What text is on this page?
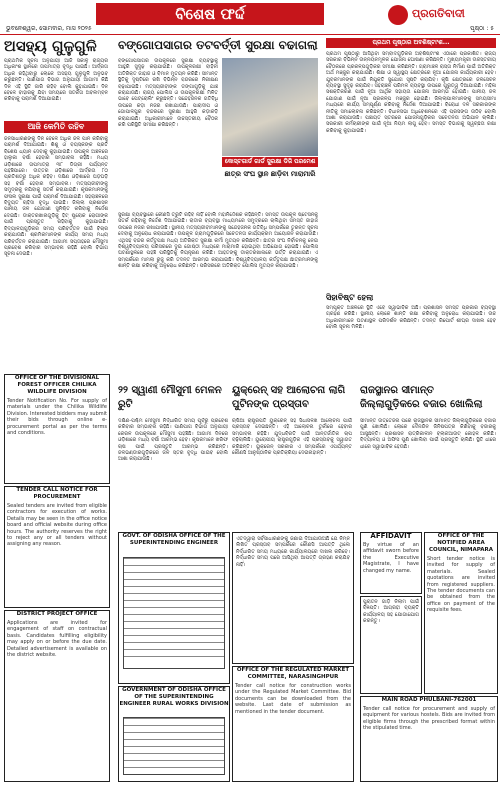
ବିଶେଷ ଫର୍ଦ୍ଦ	ପ୍ରଗତିବାଦୀ
ଭୁବନେଶ୍ୱର, ସୋମବାର, ମାସ ୨୦୨୫	ପୃଷ୍ଠା : ୫
ଅସହ୍ୟ ଗୁଳୁଗୁଳି	ବଙ୍ଗୋପସାଗର ତଟବର୍ତ୍ତୀ ସୁରକ୍ଷା ବଢାଗଲା
ପ୍ରାଥମିକ ସୂଚନା ଅନୁଯାୟୀ ଆଜି ସକାଳୁ ରାଜ୍ୟର ଅଧିକାଂଶ ସ୍ଥାନରେ ତାପମାତ୍ରା ବୃଦ୍ଧି ପାଇଛି। ଆର୍ଦ୍ରତା ଅଧିକ ରହିଥିବାରୁ ଲୋକେ ଅସହ୍ୟ ଗୁଳୁଗୁଳି ଅନୁଭବ କରୁଛନ୍ତି। ପାଣିପାଗ ବିଭାଗ ଅନୁଯାୟୀ ଆଗାମୀ କିଛି ଦିନ ଏହି ସ୍ଥିତି ଜାରି ରହିବ ବୋଲି କୁହାଯାଇଛି। ଦିନ ବେଳେ ବାହାରକୁ ଯିବା ସମୟରେ ସତର୍କତା ଅବଲମ୍ବନ କରିବାକୁ ପରାମର୍ଶ ଦିଆଯାଇଛି।
ଆଜି କେମିତି ରହିବ
ଜନସାଧାରଣଙ୍କୁ ଦିନ ବେଳେ ଅଧିକ ଜଳ ପାନ କରିବାକୁ ପରାମର୍ଶ ଦିଆଯାଇଛି। ଶିଶୁ ଓ ବୟସ୍କଙ୍କ ପ୍ରତି ବିଶେଷ ଧ୍ୟାନ ଦେବାକୁ କୁହାଯାଇଛି। ଉପକୂଳ ଅଞ୍ଚଳରେ ହାଲୁକା ବର୍ଷା ହେବାର ସମ୍ଭାବନା ରହିଛି। ମଧ୍ୟ ଓଡ଼ିଶାରେ ତାପମାତ୍ରା ୩୮ ଡିଗ୍ରୀ ପର୍ଯ୍ୟନ୍ତ ପହଞ୍ଚିପାରେ। ଉତ୍ତର ଓଡ଼ିଶାରେ ଆର୍ଦ୍ରତା ୮୦ ପ୍ରତିଶତରୁ ଅଧିକ ରହିବ। ଦକ୍ଷିଣ ଓଡ଼ିଶାରେ ଘଡ଼ଘଡ଼ି ସହ ବର୍ଷା ହେବାର ସମ୍ଭାବନା। ମତ୍ସ୍ୟଜୀବୀଙ୍କୁ ସମୁଦ୍ରକୁ ନଯିବାକୁ ସତର୍କ କରାଯାଇଛି। କୃଷକମାନଙ୍କୁ ଫସଲ ସୁରକ୍ଷା ପାଇଁ ପରାମର୍ଶ ଦିଆଯାଇଛି। ସହରାଞ୍ଚଳରେ ବିଦ୍ୟୁତ ଚାହିଦା ବୃଦ୍ଧି ପାଇଛି। ଜିଲ୍ଲା ପ୍ରଶାସନ ପାନୀୟ ଜଳ ଯୋଗାଣ ସୁନିଶ୍ଚିତ କରିବାକୁ ନିର୍ଦ୍ଦେଶ ଦେଇଛି। ଡାକ୍ତରଖାନାଗୁଡ଼ିକୁ ହିଟ୍ ଷ୍ଟ୍ରୋକ ରୋଗୀଙ୍କ ପାଇଁ ପ୍ରସ୍ତୁତ ରହିବାକୁ କୁହାଯାଇଛି। ବିଦ୍ୟାଳୟଗୁଡ଼ିକର ସମୟ ପରିବର୍ତ୍ତନ ପାଇଁ ବିଚାର କରାଯାଉଛି। ଶ୍ରମିକମାନଙ୍କ କାର୍ଯ୍ୟ ସମୟ ମଧ୍ୟ ପରିବର୍ତ୍ତନ କରାଯାଇଛି। ଆଗାମୀ ସପ୍ତାହରେ ମୌସୁମୀ ପ୍ରବେଶ କରିବାର ସମ୍ଭାବନା ରହିଛି ବୋଲି ବିଭାଗ ସୂଚନା ଦେଇଛି।
ବଙ୍ଗୋପସାଗର ଉପକୂଳରେ ସୁରକ୍ଷା ବ୍ୟବସ୍ଥାକୁ ଆହୁରି ସୁଦୃଢ଼ କରାଯାଇଛି। ଉପକୂଳରକ୍ଷୀ ବାହିନୀ ଅତିରିକ୍ତ ଜାହାଜ ଓ ବିମାନ ମୁତୟନ କରିଛି। ସୀମାନ୍ତ ସ୍ଥିତିକୁ ଦୃଷ୍ଟିରେ ରଖି ବିଭିନ୍ନ ବନ୍ଦରରେ ନିରୀକ୍ଷଣ ବଢ଼ାଯାଇଛି। ମତ୍ସ୍ୟଜୀବୀଙ୍କ ଡଙ୍ଗାଗୁଡ଼ିକୁ ଯାଞ୍ଚ କରାଯାଉଛି। ରାଜ୍ୟ ପୋଲିସ ଓ ଉପକୂଳରକ୍ଷୀ ମିଳିତ ଭାବେ ପେଟ୍ରୋଲିଂ କରୁଛନ୍ତି। ସନ୍ଦେହଜନକ ଗତିବିଧି ଉପରେ କଡ଼ା ନଜର ରଖାଯାଉଛି। ପାରାଦୀପ ଓ ଗୋପାଳପୁର ବନ୍ଦରରେ ସୁରକ୍ଷା ଆହୁରି କଡ଼ାକଡ଼ି କରାଯାଇଛି। ଅଧିକାରୀମାନେ ଉଚ୍ଚସ୍ତରୀୟ ବୈଠକ କରି ପରିସ୍ଥିତି ସମୀକ୍ଷା କରିଛନ୍ତି।
କୋସ୍ଟଗାର୍ଡ ଗାର୍ଡ ସୁରକ୍ଷା ଡିଜି ପରମେଶ
ଛାତ୍ର ସଂଘ ସ୍ଥାନ ଛାଡ଼ିବା ମାରାମାରି
ସୁରକ୍ଷା ବ୍ୟବସ୍ଥାରେ କୌଣସି ତ୍ରୁଟି ରହିବ ନାହିଁ ବୋଲି ମହାନିର୍ଦ୍ଦେଶକ କହିଛନ୍ତି। ସମସ୍ତ ଉପକୂଳ ଷ୍ଟେସନକୁ ସତର୍କ ରହିବାକୁ ନିର୍ଦ୍ଦେଶ ଦିଆଯାଇଛି। ରାଡାର ବ୍ୟବସ୍ଥା ମାଧ୍ୟମରେ ସମୁଦ୍ରରେ ଚାଲିଥିବା ସମସ୍ତ ଜାହାଜ ଉପରେ ନଜର ରଖାଯାଉଛି। ସ୍ଥାନୀୟ ମତ୍ସ୍ୟଜୀବୀମାନଙ୍କୁ ସନ୍ଦେହଜନକ ଗତିବିଧି ସମ୍ପର୍କରେ ତୁରନ୍ତ ସୂଚନା ଦେବାକୁ ଅନୁରୋଧ କରାଯାଇଛି। ଉପକୂଳ ଗ୍ରାମଗୁଡ଼ିକରେ ସଚେତନତା କାର୍ଯ୍ୟକ୍ରମ ଆୟୋଜନ କରାଯାଉଛି। ଏଥିସହ ବନ୍ଦର କର୍ତ୍ତୃପକ୍ଷ ମଧ୍ୟ ଅତିରିକ୍ତ ସୁରକ୍ଷା କର୍ମୀ ମୁତୟନ କରିଛନ୍ତି। ଛାତ୍ର ସଂଘ ନିର୍ବାଚନକୁ ନେଇ ବିଶ୍ୱବିଦ୍ୟାଳୟ ପରିସରରେ ଦୁଇ ଗୋଷ୍ଠୀ ମଧ୍ୟରେ ମାରାମାରି ହୋଇଥିବା ଅଭିଯୋଗ ହୋଇଛି। ପୋଲିସ ଘଟଣାସ୍ଥଳରେ ପହଞ୍ଚି ପରିସ୍ଥିତିକୁ ନିୟନ୍ତ୍ରଣ କରିଛି। ଆହତଙ୍କୁ ଡାକ୍ତରଖାନାରେ ଭର୍ତ୍ତି କରାଯାଇଛି। ଏ ସମ୍ପର୍କରେ ମାମଲା ରୁଜୁ କରି ତଦନ୍ତ ଆରମ୍ଭ କରାଯାଇଛି। ବିଶ୍ୱବିଦ୍ୟାଳୟ କର୍ତ୍ତୃପକ୍ଷ ଛାତ୍ରମାନଙ୍କୁ ଶାନ୍ତି ରକ୍ଷା କରିବାକୁ ଅନୁରୋଧ କରିଛନ୍ତି। ପରିସରରେ ଅତିରିକ୍ତ ପୋଲିସ ମୁତୟନ କରାଯାଇଛି।
ପ୍ରଥମ ପୃଷ୍ଠାର ଅବଶିଷ୍ଟାଂଶ...
ପ୍ରଥମ ପୃଷ୍ଠାରୁ ଆସିଥିବା ସମ୍ବାଦଗୁଡ଼ିକର ଅବଶିଷ୍ଟାଂଶ ଏଠାରେ ପ୍ରକାଶିତ। ରାଜ୍ୟ ସରକାର ବିଭିନ୍ନ ଉନ୍ନୟନମୂଳକ ଯୋଜନା ଘୋଷଣା କରିଛନ୍ତି। ମୁଖ୍ୟମନ୍ତ୍ରୀ ଉଚ୍ଚସ୍ତରୀୟ ବୈଠକରେ ପ୍ରକଳ୍ପଗୁଡ଼ିକର ସମୀକ୍ଷା କରିଛନ୍ତି। ଗ୍ରାମାଞ୍ଚଳ ରାସ୍ତା ନିର୍ମାଣ ପାଇଁ ଅତିରିକ୍ତ ଅର୍ଥ ମଞ୍ଜୁର କରାଯାଇଛି। ଶିକ୍ଷା ଓ ସ୍ୱାସ୍ଥ୍ୟ କ୍ଷେତ୍ରରେ ନୂଆ ଯୋଜନା କାର୍ଯ୍ୟକାରୀ ହେବ। ଯୁବକମାନଙ୍କ ପାଇଁ ନିଯୁକ୍ତି ସୁଯୋଗ ସୃଷ୍ଟି କରାଯିବ। କୃଷି କ୍ଷେତ୍ରରେ ଜଳସେଚନ ବ୍ୟବସ୍ଥା ସୁଦୃଢ଼ କରାଯିବ। ସହରାଞ୍ଚଳ ପରିମଳ ବ୍ୟବସ୍ଥା ଉପରେ ଗୁରୁତ୍ୱ ଦିଆଯାଇଛି। ମହିଳା ସଶକ୍ତିକରଣ ପାଇଁ ନୂଆ ଆର୍ଥିକ ସହାୟତା ଯୋଜନା ଆରମ୍ଭ ହୋଇଛି। ପାନୀୟ ଜଳ ଯୋଗାଣ ପାଇଁ ନୂଆ ପ୍ରକଳ୍ପ ମଞ୍ଜୁର ହୋଇଛି। ଜିଲ୍ଲାପାଳମାନଙ୍କୁ ସମୟସୀମା ମଧ୍ୟରେ କାର୍ଯ୍ୟ ସମ୍ପୂର୍ଣ୍ଣ କରିବାକୁ ନିର୍ଦ୍ଦେଶ ଦିଆଯାଇଛି। ବିରୋଧୀ ଦଳ ସରକାରଙ୍କ ନୀତିକୁ ସମାଲୋଚନା କରିଛନ୍ତି। ବିଧାନସଭା ଅଧିବେଶନରେ ଏହି ପ୍ରସଙ୍ଗ ଉଠିବ ବୋଲି ଆଶା କରାଯାଉଛି। ପଞ୍ଚାୟତ ସ୍ତରରେ ଯୋଜନାଗୁଡ଼ିକର ସଚେତନତା ଅଭିଯାନ ଚାଲିଛି। ସରକାରୀ କର୍ମଚାରୀଙ୍କ ପାଇଁ ନୂଆ ନିୟମ ଲାଗୁ ହେବ। ସମସ୍ତ ବିଭାଗକୁ ସ୍ୱଚ୍ଛତା ରକ୍ଷା କରିବାକୁ କୁହାଯାଇଛି।
ସିହାବିଷ୍ଟ ହେଲା
ସମ୍ପୃକ୍ତ ଅଞ୍ଚଳରେ ସ୍ଥିତି ଏବେ ସ୍ୱାଭାବିକ ଅଛି। ପ୍ରଶାସନ ସମସ୍ତ ପ୍ରକାର ବ୍ୟବସ୍ଥା ଗ୍ରହଣ କରିଛି। ସ୍ଥାନୀୟ ଲୋକେ ଶାନ୍ତି ରକ୍ଷା କରିବାକୁ ଅନୁରୋଧ କରାଯାଇଛି। ଉଚ୍ଚ ଅଧିକାରୀମାନେ ଘଟଣାସ୍ଥଳ ପରିଦର୍ଶନ କରିଛନ୍ତି। ତଦନ୍ତ ରିପୋର୍ଟ ଶୀଘ୍ର ଦାଖଲ ହେବ ବୋଲି ସୂଚନା ମିଳିଛି।
୨୨ ସ୍ୱାଣୀ ମୌସୁମୀ ମେଳନ ରୁଟି
ୟୁକ୍ରେନ୍ ସହ ଆଲୋଚନା ଲାଗି ପୁଟିନଙ୍କ ପ୍ରସ୍ତାବ
ରାଜସ୍ଥାନର ସୀମାନ୍ତ ଜିଲ୍ଲାଗୁଡ଼ିକରେ ବଜାର ଖୋଲିଲା
ଦକ୍ଷିଣ-ପଶ୍ଚିମ ମୌସୁମୀ ନିର୍ଦ୍ଧାରିତ ସମୟ ପୂର୍ବରୁ ପ୍ରବେଶ କରିବାର ସମ୍ଭାବନା ରହିଛି। ପାଣିପାଗ ବିଭାଗ ଅନୁଯାୟୀ କେରଳ ଉପକୂଳରେ ମୌସୁମୀ ପହଞ୍ଚିଛି। ଆଗାମୀ ଦିନରେ ଓଡ଼ିଶାରେ ମଧ୍ୟ ବର୍ଷା ଆରମ୍ଭ ହେବ। କୃଷକମାନେ ଖରିଫ ଚାଷ ପାଇଁ ପ୍ରସ୍ତୁତି ଆରମ୍ଭ କରିଛନ୍ତି। ଜଳଭଣ୍ଡାରଗୁଡ଼ିକରେ ଜଳ ସ୍ତର ବୃଦ୍ଧି ପାଇବ ବୋଲି ଆଶା କରାଯାଉଛି।
ଋଷିଆ ରାଷ୍ଟ୍ରପତି ୟୁକ୍ରେନ୍ ସହ ସିଧାସଳଖ ଆଲୋଚନା ପାଇଁ ପ୍ରସ୍ତାବ ଦେଇଛନ୍ତି। ଏହି ଆଲୋଚନା ତୁର୍କୀରେ ହେବାର ସମ୍ଭାବନା ରହିଛି। ଯୁଦ୍ଧବିରତି ପାଇଁ ଆନ୍ତର୍ଜାତିକ ଚାପ ବଢ଼ିଚାଲିଛି। ୟୁରୋପୀୟ ରାଷ୍ଟ୍ରଗୁଡ଼ିକ ଏହି ପ୍ରସ୍ତାବକୁ ସ୍ୱାଗତ କରିଛନ୍ତି। ୟୁକ୍ରେନ୍ ସରକାର ଏ ସମ୍ପର୍କରେ ଏପର୍ଯ୍ୟନ୍ତ କୌଣସି ଆନୁଷ୍ଠାନିକ ପ୍ରତିକ୍ରିୟା ଦେଇନାହାନ୍ତି।
ସୀମାନ୍ତ ଉତ୍ତେଜନା ପରେ ରାଜସ୍ଥାନର ସୀମାନ୍ତ ଜିଲ୍ଲାଗୁଡ଼ିକରେ ବଜାର ପୁଣି ଖୋଲିଛି। ଲୋକେ ଦୈନନ୍ଦିନ ଜିନିଷପତ୍ର କିଣିବାକୁ ବଜାରକୁ ଆସୁଛନ୍ତି। ପ୍ରଶାସନ ରାତ୍ରିକାଳୀନ ବ୍ଲାକଆଉଟ୍ କୋହଳ କରିଛି। ବିଦ୍ୟାଳୟ ଓ ଅଫିସ ପୁଣି ଖୋଲିବା ପାଇଁ ପ୍ରସ୍ତୁତି ଚାଲିଛି। ସ୍ଥିତି ଧୀରେ ଧୀରେ ସ୍ୱାଭାବିକ ହେଉଛି।
OFFICE OF THE DIVISIONAL FOREST OFFICER CHILIKA WILDLIFE DIVISION
Tender Notification No. For supply of materials under the Chilika Wildlife Division. Interested bidders may submit their bids through online e-procurement portal as per the terms and conditions.
TENDER CALL NOTICE FOR PROCUREMENT
Sealed tenders are invited from eligible contractors for execution of works. Details may be seen in the office notice board and official website during office hours. The authority reserves the right to reject any or all tenders without assigning any reason.
DISTRICT PROJECT OFFICE
Applications are invited for engagement of staff on contractual basis. Candidates fulfilling eligibility may apply on or before the due date. Detailed advertisement is available on the district website.
GOVT. OF ODISHA OFFICE OF THE SUPERINTENDING ENGINEER
GOVERNMENT OF ODISHA OFFICE OF THE SUPERINTENDING ENGINEER RURAL WORKS DIVISION
ଏତଦ୍ୱାରା ସର୍ବସାଧାରଣଙ୍କୁ ଜଣାଇ ଦିଆଯାଉଅଛି ଯେ ନିମ୍ନ ଲିଖିତ ପ୍ରସ୍ତାବ ସମ୍ପର୍କରେ କୌଣସି ଆପତ୍ତି ଥିଲେ ନିର୍ଦ୍ଧାରିତ ସମୟ ମଧ୍ୟରେ କାର୍ଯ୍ୟାଳୟରେ ଦାଖଲ କରିବେ। ନିର୍ଦ୍ଧାରିତ ସମୟ ପରେ ଆସିଥିବା ଆପତ୍ତି ଗ୍ରହଣ କରାଯିବ ନାହିଁ।
OFFICE OF THE REGULATED MARKET COMMITTEE, NARASINGHPUR
Tender call notice for construction works under the Regulated Market Committee. Bid documents can be downloaded from the website. Last date of submission as mentioned in the tender document.
AFFIDAVIT
By virtue of an affidavit sworn before the Executive Magistrate, I have changed my name.
OFFICE OF THE NOTIFIED AREA COUNCIL, NIMAPARA
Short tender notice is invited for supply of materials. Sealed quotations are invited from registered suppliers. The tender documents can be obtained from the office on payment of the requisite fees.
ପୁରାତନ ଗାଡ଼ି ନିଲାମ ପାଇଁ ବିଜ୍ଞପ୍ତି। ଆଗ୍ରହୀ ବ୍ୟକ୍ତି କାର୍ଯ୍ୟାଳୟ ସହ ଯୋଗାଯୋଗ କରନ୍ତୁ।
MAIN ROAD PHULBANI-762001
Tender call notice for procurement and supply of equipment for various hostels. Bids are invited from eligible firms through the prescribed format within the stipulated time.
